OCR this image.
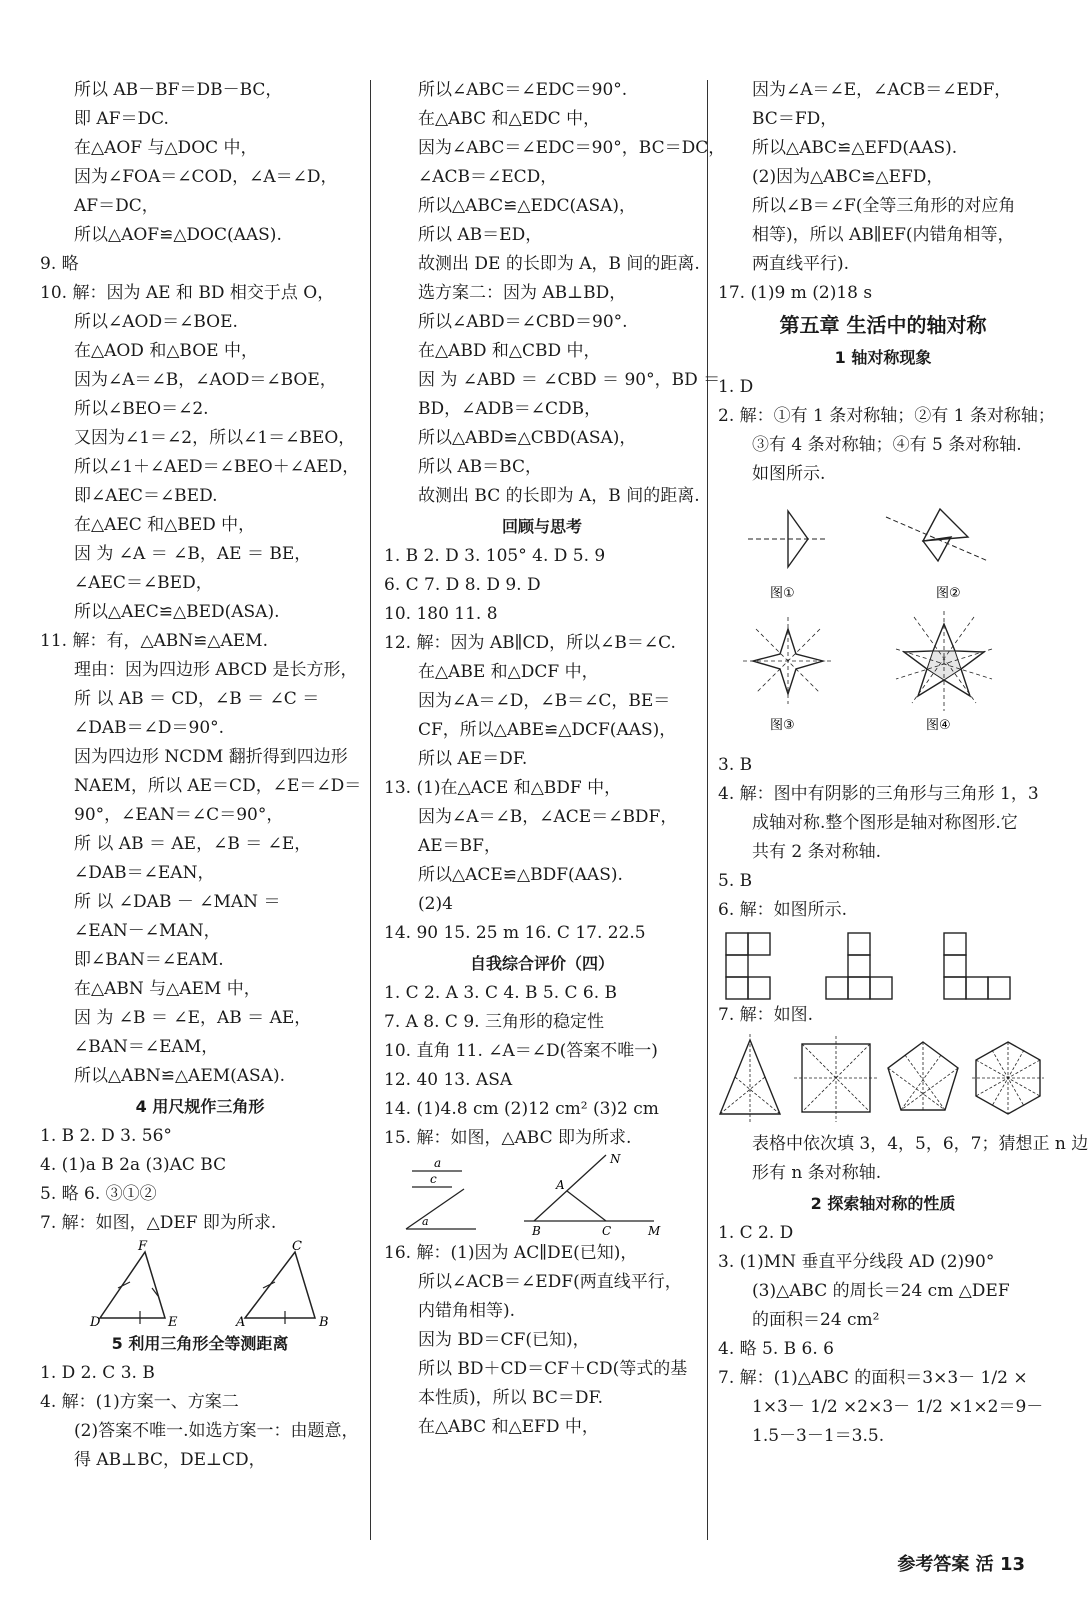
所以 AB－BF＝DB－BC，
即 AF＝DC.
在△AOF 与△DOC 中，
因为∠FOA＝∠COD，∠A＝∠D，
AF＝DC，
所以△AOF≌△DOC(AAS).
9. 略
10. 解：因为 AE 和 BD 相交于点 O，
所以∠AOD＝∠BOE.
在△AOD 和△BOE 中，
因为∠A＝∠B，∠AOD＝∠BOE，
所以∠BEO＝∠2.
又因为∠1＝∠2，所以∠1＝∠BEO，
所以∠1＋∠AED＝∠BEO＋∠AED，
即∠AEC＝∠BED.
在△AEC 和△BED 中，
因 为 ∠A ＝ ∠B，AE ＝ BE，
∠AEC＝∠BED，
所以△AEC≌△BED(ASA).
11. 解：有，△ABN≌△AEM.
理由：因为四边形 ABCD 是长方形，
所 以 AB ＝ CD，∠B ＝ ∠C ＝
∠DAB＝∠D＝90°.
因为四边形 NCDM 翻折得到四边形
NAEM，所以 AE＝CD，∠E＝∠D＝
90°，∠EAN＝∠C＝90°，
所 以 AB ＝ AE，∠B ＝ ∠E，
∠DAB＝∠EAN，
所 以 ∠DAB － ∠MAN ＝
∠EAN－∠MAN，
即∠BAN＝∠EAM.
在△ABN 与△AEM 中，
因 为 ∠B ＝ ∠E，AB ＝ AE，
∠BAN＝∠EAM，
所以△ABN≌△AEM(ASA).
4 用尺规作三角形
1. B 2. D 3. 56°
4. (1)a B 2a (3)AC BC
5. 略 6. ③①②
7. 解：如图，△DEF 即为所求.
D	E
F
A	B
C
5 利用三角形全等测距离
1. D 2. C 3. B
4. 解：(1)方案一、方案二
(2)答案不唯一.如选方案一：由题意，
得 AB⊥BC，DE⊥CD，
所以∠ABC＝∠EDC＝90°.
在△ABC 和△EDC 中，
因为∠ABC＝∠EDC＝90°，BC＝DC，
∠ACB＝∠ECD，
所以△ABC≌△EDC(ASA)，
所以 AB＝ED，
故测出 DE 的长即为 A，B 间的距离.
选方案二：因为 AB⊥BD，
所以∠ABD＝∠CBD＝90°.
在△ABD 和△CBD 中，
因 为 ∠ABD ＝ ∠CBD ＝ 90°，BD ＝
BD，∠ADB＝∠CDB，
所以△ABD≌△CBD(ASA)，
所以 AB＝BC，
故测出 BC 的长即为 A，B 间的距离.
回顾与思考
1. B 2. D 3. 105° 4. D 5. 9
6. C 7. D 8. D 9. D
10. 180 11. 8
12. 解：因为 AB∥CD，所以∠B＝∠C.
在△ABE 和△DCF 中，
因为∠A＝∠D，∠B＝∠C，BE＝
CF，所以△ABE≌△DCF(AAS)，
所以 AE＝DF.
13. (1)在△ACE 和△BDF 中，
因为∠A＝∠B，∠ACE＝∠BDF，
AE＝BF，
所以△ACE≌△BDF(AAS).
(2)4
14. 90 15. 25 m 16. C 17. 22.5
自我综合评价（四）
1. C 2. A 3. C 4. B 5. C 6. B
7. A 8. C 9. 三角形的稳定性
10. 直角 11. ∠A＝∠D(答案不唯一)
12. 40 13. ASA
14. (1)4.8 cm (2)12 cm² (3)2 cm
15. 解：如图，△ABC 即为所求.
a
c
a
B	C	M
N
A
16. 解：(1)因为 AC∥DE(已知)，
所以∠ACB＝∠EDF(两直线平行，
内错角相等).
因为 BD＝CF(已知)，
所以 BD＋CD＝CF＋CD(等式的基
本性质)，所以 BC＝DF.
在△ABC 和△EFD 中，
因为∠A＝∠E，∠ACB＝∠EDF，
BC＝FD，
所以△ABC≌△EFD(AAS).
(2)因为△ABC≌△EFD，
所以∠B＝∠F(全等三角形的对应角
相等)，所以 AB∥EF(内错角相等，
两直线平行).
17. (1)9 m (2)18 s
第五章 生活中的轴对称
1 轴对称现象
1. D
2. 解：①有 1 条对称轴；②有 1 条对称轴；
③有 4 条对称轴；④有 5 条对称轴.
如图所示.
图①	图②
图③	图④
3. B
4. 解：图中有阴影的三角形与三角形 1，3
成轴对称.整个图形是轴对称图形.它
共有 2 条对称轴.
5. B
6. 解：如图所示.
7. 解：如图.
表格中依次填 3，4，5，6，7；猜想正 n 边
形有 n 条对称轴.
2 探索轴对称的性质
1. C 2. D
3. (1)MN 垂直平分线段 AD (2)90°
(3)△ABC 的周长＝24 cm △DEF
的面积＝24 cm²
4. 略 5. B 6. 6
7. 解：(1)△ABC 的面积＝3×3－ 1/2 ×
1×3－ 1/2 ×2×3－ 1/2 ×1×2＝9－
1.5－3－1＝3.5.
参考答案 活 13
